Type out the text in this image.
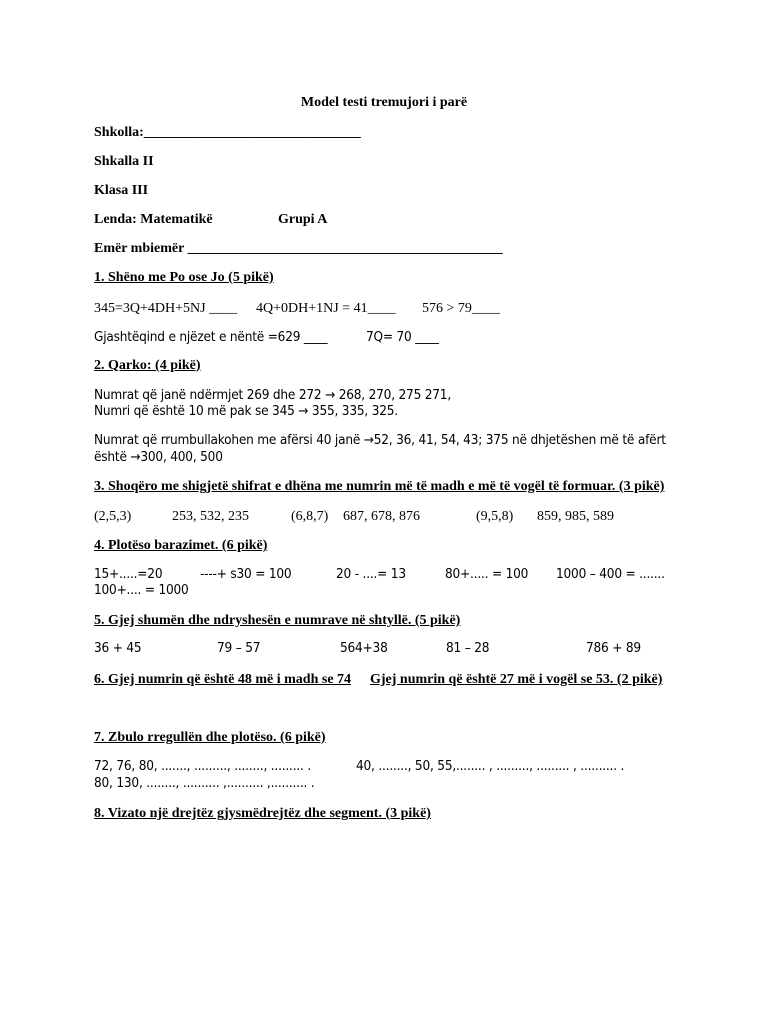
Model testi tremujori i parë
Shkolla:_______________________________
Shkalla II
Klasa III
Lenda: Matematikë	Grupi A
Emër mbiemër _____________________________________________
1. Shëno me Po ose Jo (5 pikë)
345=3Q+4DH+5NJ ____ 4Q+0DH+1NJ = 41____ 576 > 79____
Gjashtëqind e njëzet e nëntë =629 ____	7Q= 70 ____
2. Qarko: (4 pikë)
Numrat që janë ndërmjet 269 dhe 272 → 268, 270, 275 271,
Numri që është 10 më pak se 345 → 355, 335, 325.
Numrat që rrumbullakohen me afërsi 40 janë →52, 36, 41, 54, 43; 375 në dhjetëshen më të afërt
është →300, 400, 500
3. Shoqëro me shigjetë shifrat e dhëna me numrin më të madh e më të vogël të formuar. (3 pikë)
(2,5,3)	253, 532, 235	(6,8,7) 687, 678, 876	(9,5,8) 859, 985, 589
4. Plotëso barazimet. (6 pikë)
15+.....=20	----+ s30 = 100	20 - ....= 13	80+..... = 100 1000 – 400 = .......
100+.... = 1000
5. Gjej shumën dhe ndryshesën e numrave në shtyllë. (5 pikë)
36 + 45	79 – 57	564+38	81 – 28	786 + 89
6. Gjej numrin që është 48 më i madh se 74 Gjej numrin që është 27 më i vogël se 53. (2 pikë)
7. Zbulo rregullën dhe plotëso. (6 pikë)
72, 76, 80, ......., ........., ........, ......... .	40, ........, 50, 55,........ , ........., ......... , .......... .
80, 130, ........, .......... ,.......... ,.......... .
8. Vizato një drejtëz gjysmëdrejtëz dhe segment. (3 pikë)
